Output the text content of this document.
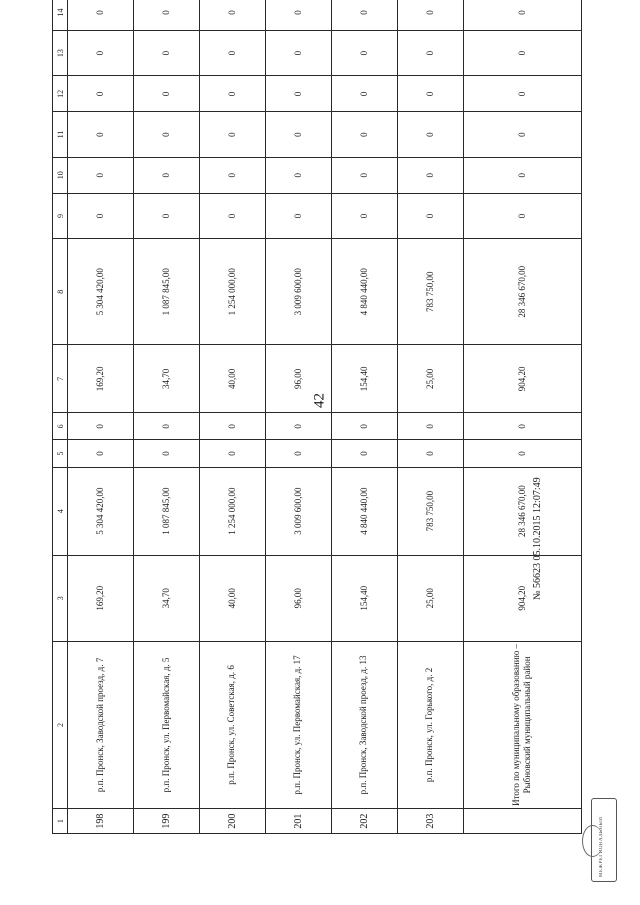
42
1	2	3	4	5	6	7	8	9	10	11	12	13	14		
198	р.п. Пронск, Заводской проезд, д. 7	169,20	5 304 420,00	0	0	169,20	5 304 420,00	0	0	0	0	0	0		
199	р.п. Пронск, ул. Первомайская, д. 5	34,70	1 087 845,00	0	0	34,70	1 087 845,00	0	0	0	0	0	0		
200	р.п. Пронск, ул. Советская, д. 6	40,00	1 254 000,00	0	0	40,00	1 254 000,00	0	0	0	0	0	0		
201	р.п. Пронск, ул. Первомайская, д. 17	96,00	3 009 600,00	0	0	96,00	3 009 600,00	0	0	0	0	0	0		
202	р.п. Пронск, Заводской проезд, д. 13	154,40	4 840 440,00	0	0	154,40	4 840 440,00	0	0	0	0	0	0		
203	р.п. Пронск, ул. Горького, д. 2	25,00	783 750,00	0	0	25,00	783 750,00	0	0	0	0	0	0		
	Итого по муниципальному образованию – Рыбновский муниципальный район	904,20	28 346 670,00	0	0	904,20	28 346 670,00	0	0	0	0	0	0		
№ 56623 05.10.2015 12:07:49
МЕЖРЕГИОНАЛЬНЫЙ
